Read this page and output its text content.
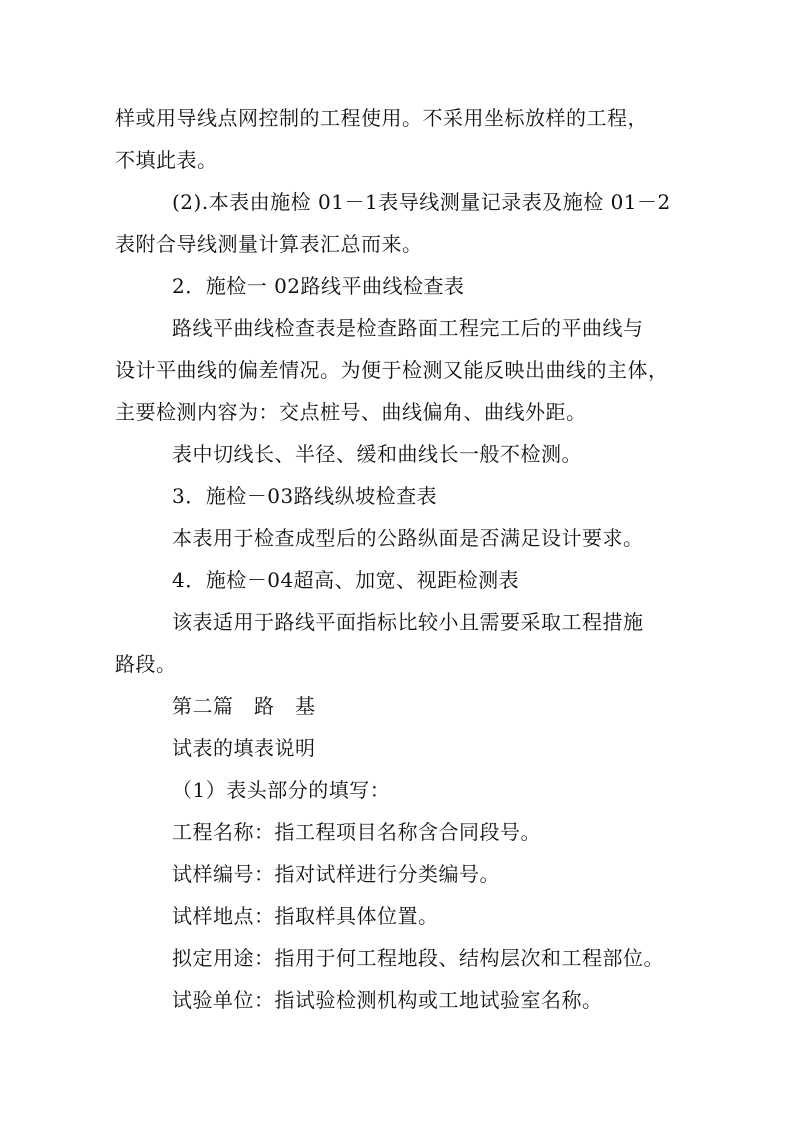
样或用导线点网控制的工程使用。不采用坐标放样的工程，
不填此表。
(2).本表由施检 01－1表导线测量记录表及施检 01－2
表附合导线测量计算表汇总而来。
2．施检一 02路线平曲线检查表
路线平曲线检查表是检查路面工程完工后的平曲线与
设计平曲线的偏差情况。为便于检测又能反映出曲线的主体，
主要检测内容为：交点桩号、曲线偏角、曲线外距。
表中切线长、半径、缓和曲线长一般不检测。
3．施检－03路线纵坡检查表
本表用于检查成型后的公路纵面是否满足设计要求。
4．施检－04超高、加宽、视距检测表
该表适用于路线平面指标比较小且需要采取工程措施
路段。
第二篇　路　基
试表的填表说明
（1）表头部分的填写：
工程名称：指工程项目名称含合同段号。
试样编号：指对试样进行分类编号。
试样地点：指取样具体位置。
拟定用途：指用于何工程地段、结构层次和工程部位。
试验单位：指试验检测机构或工地试验室名称。
